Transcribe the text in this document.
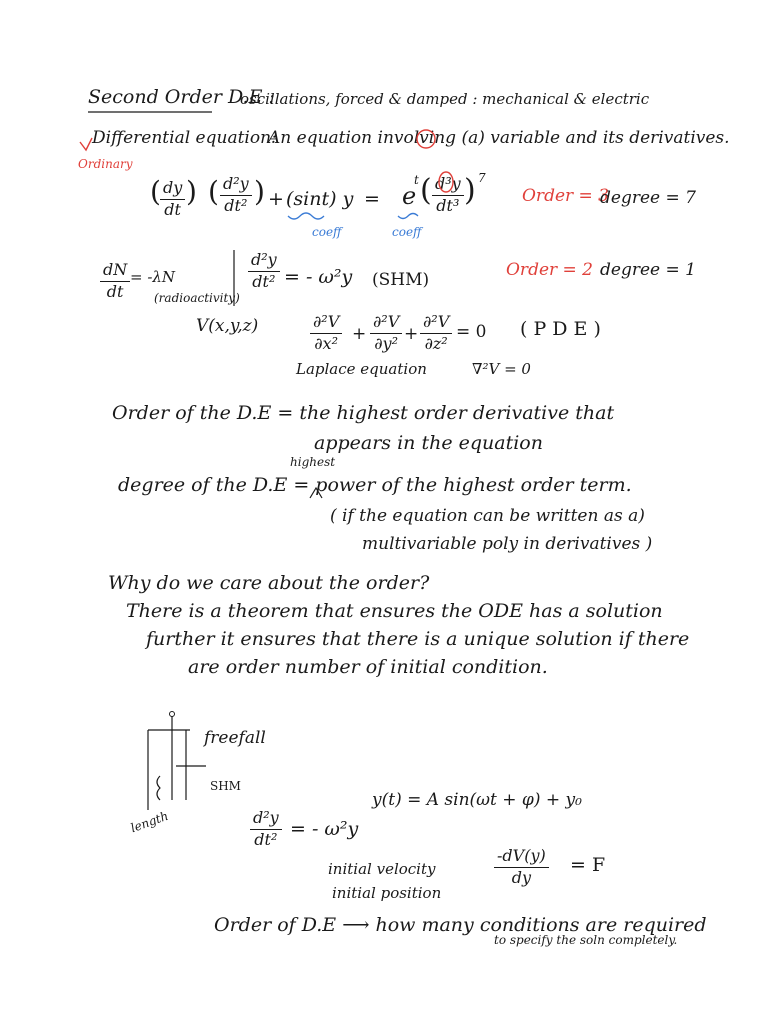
Second Order D.E :
oscillations, forced & damped : mechanical & electric
Differential equation:
An equation involving (a) variable and its derivatives.
Ordinary
( $\frac{dy}{dt}$ ) ( $\frac{\text{d²y}}{\text{dt²}}$ ) + (sint) y
coeff
= e
t
coeff
( $\frac{\text{d³y}}{\text{dt³}}$ ) 7
Order = 3
degree = 7
$\frac{dN}{dt} = -\lambda N$
(radioactivity)
$\frac{\text{d²y}}{\text{dt²}}$ = - ω²y (SHM)	Order = 2 degree = 1
V(x,y,z)	$\frac{\text{∂²V}}{\text{∂x²}} + \frac{\text{∂²V}}{\text{∂y²}} + \frac{\text{∂²V}}{\text{∂z²}} = 0$ ( P D E )
Laplace equation	∇²V = 0
Order of the D.E = the highest order derivative that
appears in the equation
highest
degree of the D.E = power of the highest order term.
( if the equation can be written as a)
multivariable poly in derivatives )
Why do we care about the order?
There is a theorem that ensures the ODE has a solution
further it ensures that there is a unique solution if there
are order number of initial condition.
freefall
SHM
length
y(t) = A sin(ωt + φ) + y₀
$\frac{\text{d²y}}{\text{dt²}}$ = - ω²y
initial velocity
initial position
$\frac{-dV(y)}{dy} = F$
Order of D.E ⟶ how many conditions are required
to specify the soln completely.
